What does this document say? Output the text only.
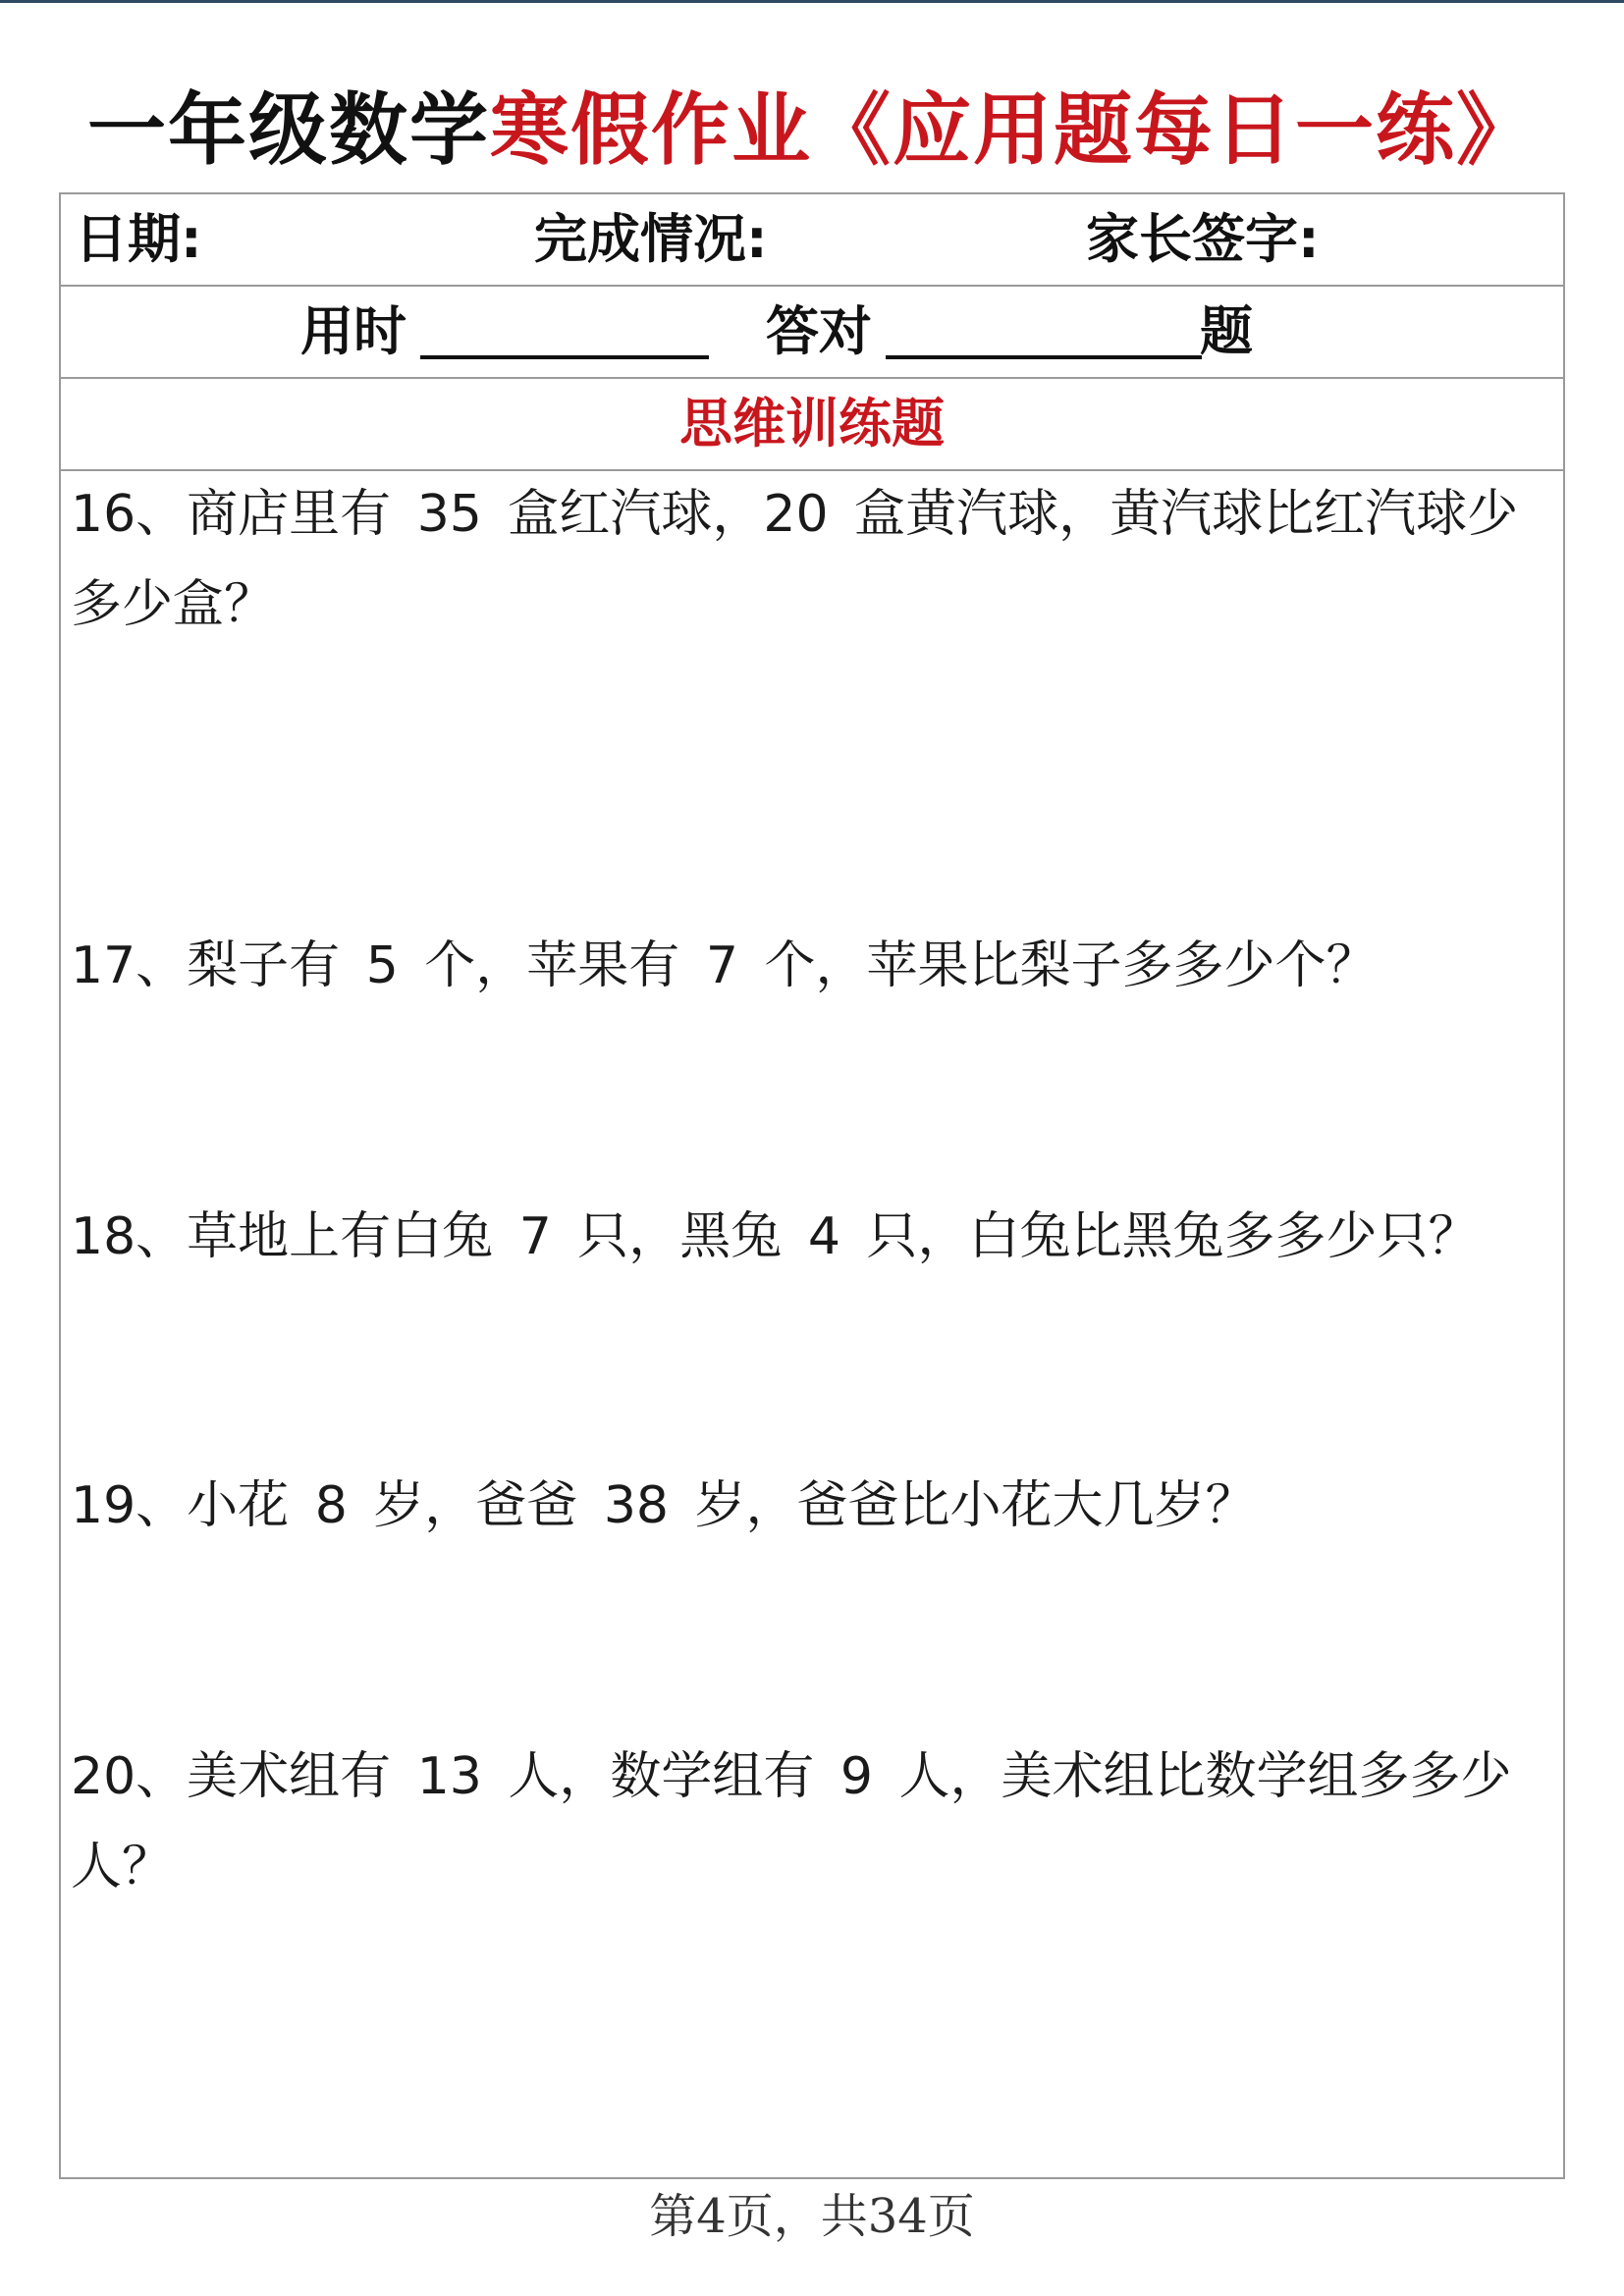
一年级数学寒假作业《应用题每日一练》
日期:	完成情况:	家长签字:
用时	答对	题
思维训练题
16、商店里有 35 盒红汽球，20 盒黄汽球，黄汽球比红汽球少多少盒？
17、梨子有 5 个，苹果有 7 个，苹果比梨子多多少个？
18、草地上有白兔 7 只，黑兔 4 只，白兔比黑兔多多少只？
19、小花 8 岁，爸爸 38 岁，爸爸比小花大几岁？
20、美术组有 13 人，数学组有 9 人，美术组比数学组多多少人？
第4页，共34页
